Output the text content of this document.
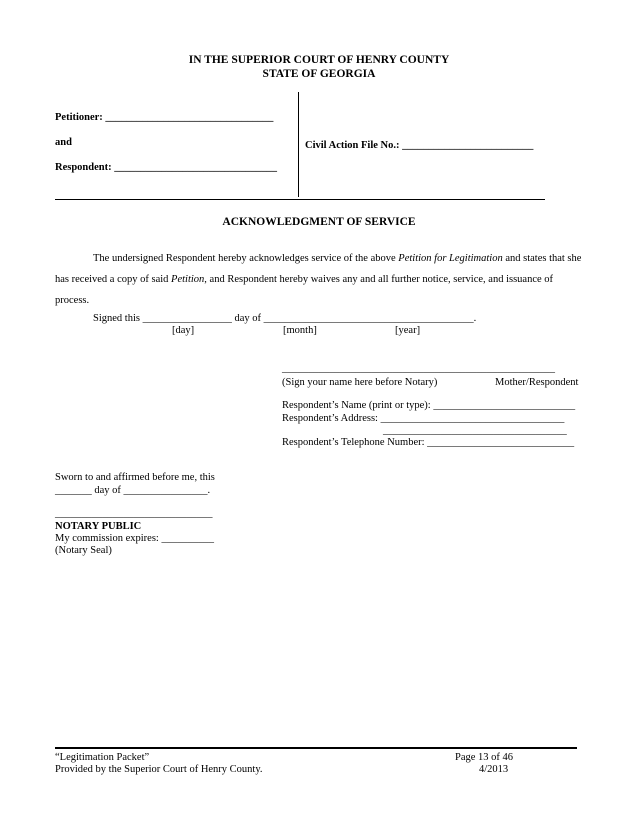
IN THE SUPERIOR COURT OF HENRY COUNTY
STATE OF GEORGIA
Petitioner: ________________________________
and
Respondent: _______________________________
Civil Action File No.: _________________________
ACKNOWLEDGMENT OF SERVICE
The undersigned Respondent hereby acknowledges service of the above Petition for Legitimation and states that she
has received a copy of said Petition, and Respondent hereby waives any and all further notice, service, and issuance of
process.
Signed this _________________ day of ________________________________________.
[day]	[month]	[year]
____________________________________________________
(Sign your name here before Notary)	Mother/Respondent
Respondent’s Name (print or type): ___________________________
Respondent’s Address: ___________________________________
___________________________________
Respondent’s Telephone Number: ____________________________
Sworn to and affirmed before me, this
_______ day of ________________.
______________________________
NOTARY PUBLIC
My commission expires: __________
(Notary Seal)
“Legitimation Packet”
Provided by the Superior Court of Henry County.
Page 13 of 46
4/2013
